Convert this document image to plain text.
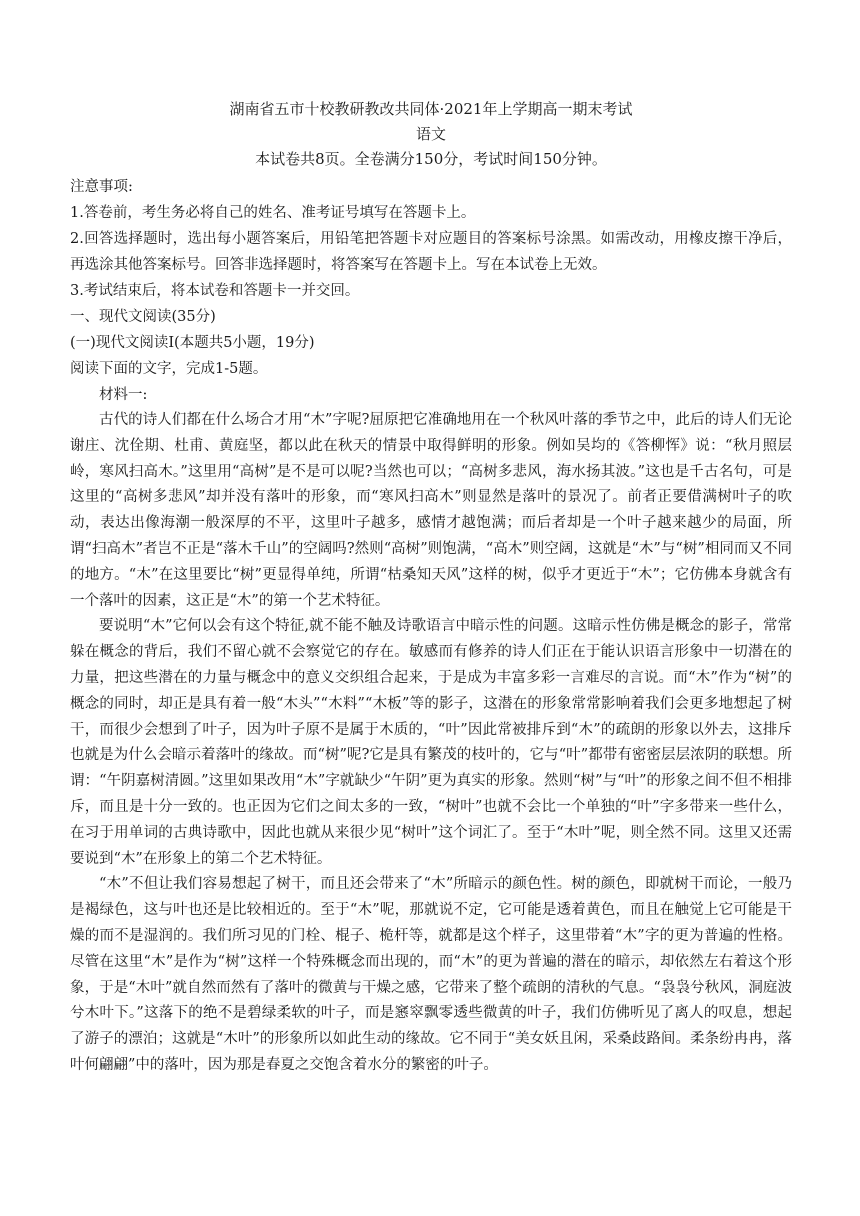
湖南省五市十校教研教改共同体·2021年上学期高一期末考试
语文
本试卷共8页。全卷满分150分，考试时间150分钟。
注意事项:
1.答卷前，考生务必将自己的姓名、准考证号填写在答题卡上。
2.回答选择题时，选出每小题答案后，用铅笔把答题卡对应题目的答案标号涂黑。如需改动，用橡皮擦干净后，再选涂其他答案标号。回答非选择题时，将答案写在答题卡上。写在本试卷上无效。
3.考试结束后，将本试卷和答题卡一并交回。
一、现代文阅读(35分)
(一)现代文阅读Ⅰ(本题共5小题，19分)
阅读下面的文字，完成1-5题。
材料一:

古代的诗人们都在什么场合才用“木”字呢?屈原把它准确地用在一个秋风叶落的季节之中，此后的诗人们无论谢庄、沈佺期、杜甫、黄庭坚，都以此在秋天的情景中取得鲜明的形象。例如吴均的《答柳恽》说：“秋月照层岭，寒风扫高木。”这里用“高树”是不是可以呢?当然也可以；“高树多悲风，海水扬其波。”这也是千古名句，可是这里的“高树多悲风”却并没有落叶的形象，而“寒风扫高木”则显然是落叶的景况了。前者正要借满树叶子的吹动，表达出像海潮一般深厚的不平，这里叶子越多，感情才越饱满；而后者却是一个叶子越来越少的局面，所谓“扫高木”者岂不正是“落木千山”的空阔吗?然则“高树”则饱满，“高木”则空阔，这就是“木”与“树”相同而又不同的地方。“木”在这里要比“树”更显得单纯，所谓“枯桑知天风”这样的树，似乎才更近于“木”；它仿佛本身就含有一个落叶的因素，这正是“木”的第一个艺术特征。

要说明“木”它何以会有这个特征,就不能不触及诗歌语言中暗示性的问题。这暗示性仿佛是概念的影子，常常躲在概念的背后，我们不留心就不会察觉它的存在。敏感而有修养的诗人们正在于能认识语言形象中一切潜在的力量，把这些潜在的力量与概念中的意义交织组合起来，于是成为丰富多彩一言难尽的言说。而“木”作为“树”的概念的同时，却正是具有着一般“木头”“木料”“木板”等的影子，这潜在的形象常常影响着我们会更多地想起了树干，而很少会想到了叶子，因为叶子原不是属于木质的，“叶”因此常被排斥到“木”的疏朗的形象以外去，这排斥也就是为什么会暗示着落叶的缘故。而“树”呢?它是具有繁茂的枝叶的，它与“叶”都带有密密层层浓阴的联想。所谓：“午阴嘉树清圆。”这里如果改用“木”字就缺少“午阴”更为真实的形象。然则“树”与“叶”的形象之间不但不相排斥，而且是十分一致的。也正因为它们之间太多的一致，“树叶”也就不会比一个单独的“叶”字多带来一些什么，在习于用单词的古典诗歌中，因此也就从来很少见“树叶”这个词汇了。至于“木叶”呢，则全然不同。这里又还需要说到“木”在形象上的第二个艺术特征。

“木”不但让我们容易想起了树干，而且还会带来了“木”所暗示的颜色性。树的颜色，即就树干而论，一般乃是褐绿色，这与叶也还是比较相近的。至于“木”呢，那就说不定，它可能是透着黄色，而且在触觉上它可能是干燥的而不是湿润的。我们所习见的门栓、棍子、桅杆等，就都是这个样子，这里带着“木”字的更为普遍的性格。尽管在这里“木”是作为“树”这样一个特殊概念而出现的，而“木”的更为普遍的潜在的暗示，却依然左右着这个形象，于是“木叶”就自然而然有了落叶的微黄与干燥之感，它带来了整个疏朗的清秋的气息。“袅袅兮秋风，洞庭波兮木叶下。”这落下的绝不是碧绿柔软的叶子，而是窸窣飘零透些微黄的叶子，我们仿佛听见了离人的叹息，想起了游子的漂泊；这就是“木叶”的形象所以如此生动的缘故。它不同于“美女妖且闲，采桑歧路间。柔条纷冉冉，落叶何翩翩”中的落叶，因为那是春夏之交饱含着水分的繁密的叶子。
